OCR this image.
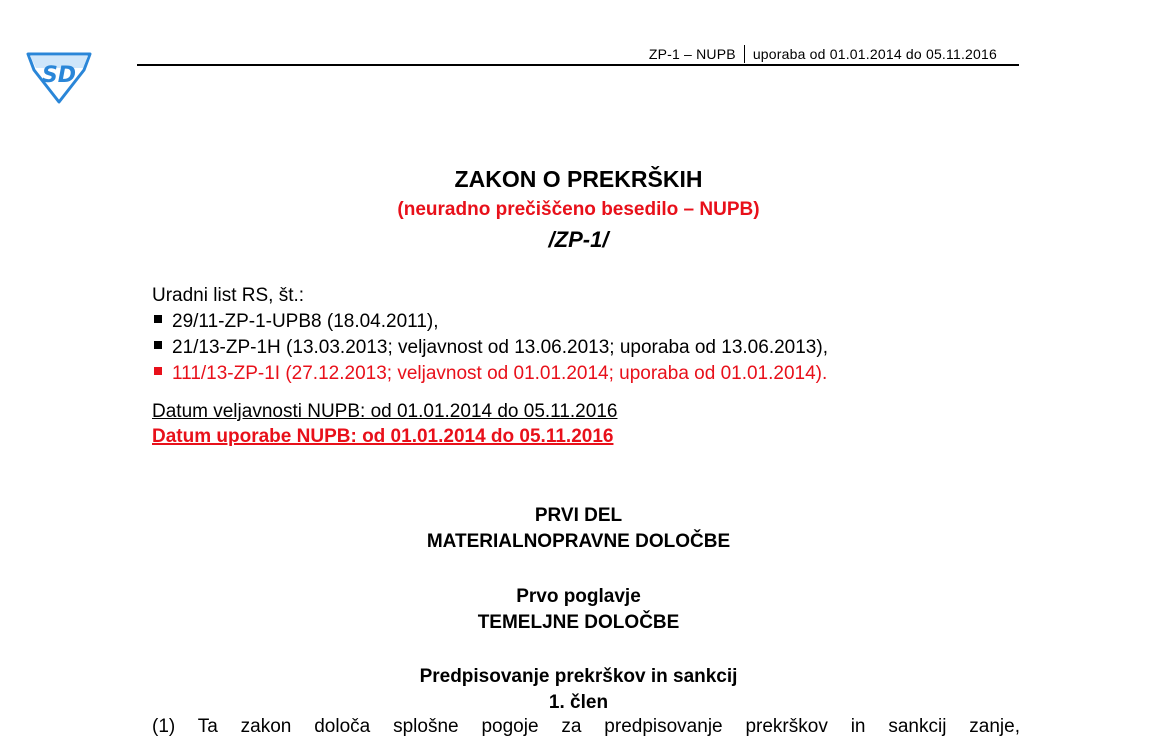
SD
ZP-1 – NUPB uporaba od 01.01.2014 do 05.11.2016
ZAKON O PREKRŠKIH
(neuradno prečiščeno besedilo – NUPB)
/ZP-1/
Uradni list RS, št.:
29/11-ZP-1-UPB8 (18.04.2011),
21/13-ZP-1H (13.03.2013; veljavnost od 13.06.2013; uporaba od 13.06.2013),
111/13-ZP-1I (27.12.2013; veljavnost od 01.01.2014; uporaba od 01.01.2014).
Datum veljavnosti NUPB: od 01.01.2014 do 05.11.2016
Datum uporabe NUPB: od 01.01.2014 do 05.11.2016
PRVI DEL
MATERIALNOPRAVNE DOLOČBE
Prvo poglavje
TEMELJNE DOLOČBE
Predpisovanje prekrškov in sankcij
1. člen
(1) Ta zakon določa splošne pogoje za predpisovanje prekrškov in sankcij zanje,
